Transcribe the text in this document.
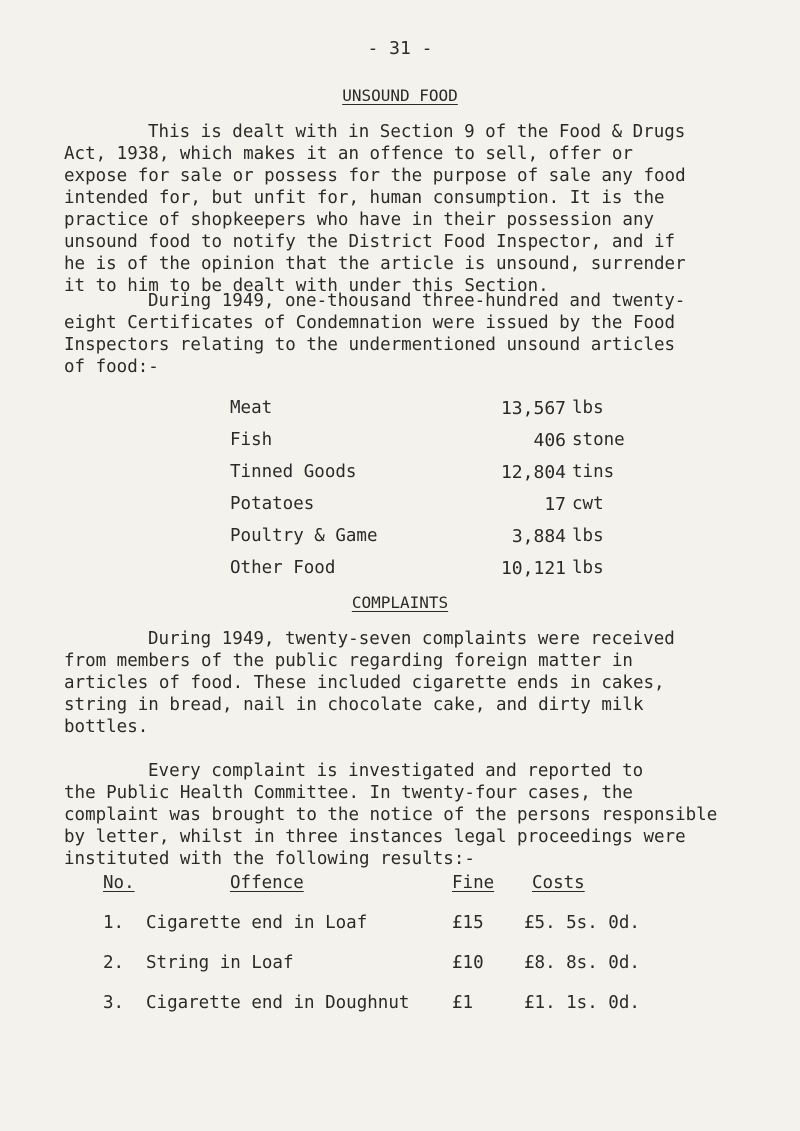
- 31 -
UNSOUND FOOD
This is dealt with in Section 9 of the Food & Drugs
Act, 1938, which makes it an offence to sell, offer or
expose for sale or possess for the purpose of sale any food
intended for, but unfit for, human consumption. It is the
practice of shopkeepers who have in their possession any
unsound food to notify the District Food Inspector, and if
he is of the opinion that the article is unsound, surrender
it to him to be dealt with under this Section.
During 1949, one-thousand three-hundred and twenty-
eight Certificates of Condemnation were issued by the Food
Inspectors relating to the undermentioned unsound articles
of food:-
Meat	13,567 lbs
Fish	406 stone
Tinned Goods	12,804 tins
Potatoes	17 cwt
Poultry & Game	3,884 lbs
Other Food	10,121 lbs
COMPLAINTS
During 1949, twenty-seven complaints were received
from members of the public regarding foreign matter in
articles of food. These included cigarette ends in cakes,
string in bread, nail in chocolate cake, and dirty milk
bottles.
Every complaint is investigated and reported to
the Public Health Committee. In twenty-four cases, the
complaint was brought to the notice of the persons responsible
by letter, whilst in three instances legal proceedings were
instituted with the following results:-
No.	Offence	Fine Costs
1. Cigarette end in Loaf	£15 £5. 5s. 0d.
2. String in Loaf	£10 £8. 8s. 0d.
3. Cigarette end in Doughnut £1	£1. 1s. 0d.
